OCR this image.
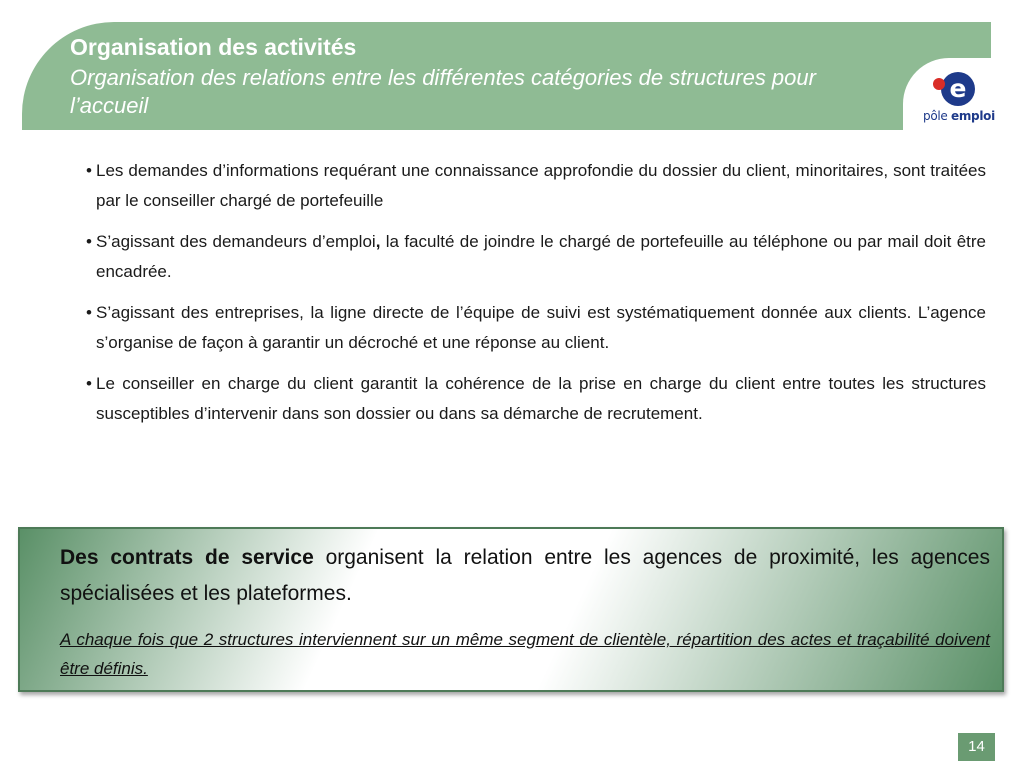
Organisation des activités
Organisation des relations entre les différentes catégories de structures pour l’accueil
e
pôle emploi
• Les demandes d’informations requérant une connaissance approfondie du dossier du client, minoritaires, sont traitées par le conseiller chargé de portefeuille
• S’agissant des demandeurs d’emploi, la faculté de joindre le chargé de portefeuille au téléphone ou par mail doit être encadrée.
• S’agissant des entreprises, la ligne directe de l’équipe de suivi est systématiquement donnée aux clients. L’agence s’organise de façon à garantir un décroché et une réponse au client.
• Le conseiller en charge du client garantit la cohérence de la prise en charge du client entre toutes les structures susceptibles d’intervenir dans son dossier ou dans sa démarche de recrutement.
Des contrats de service organisent la relation entre les agences de proximité, les agences spécialisées et les plateformes.
A chaque fois que 2 structures interviennent sur un même segment de clientèle, répartition des actes et traçabilité doivent être définis.
14
